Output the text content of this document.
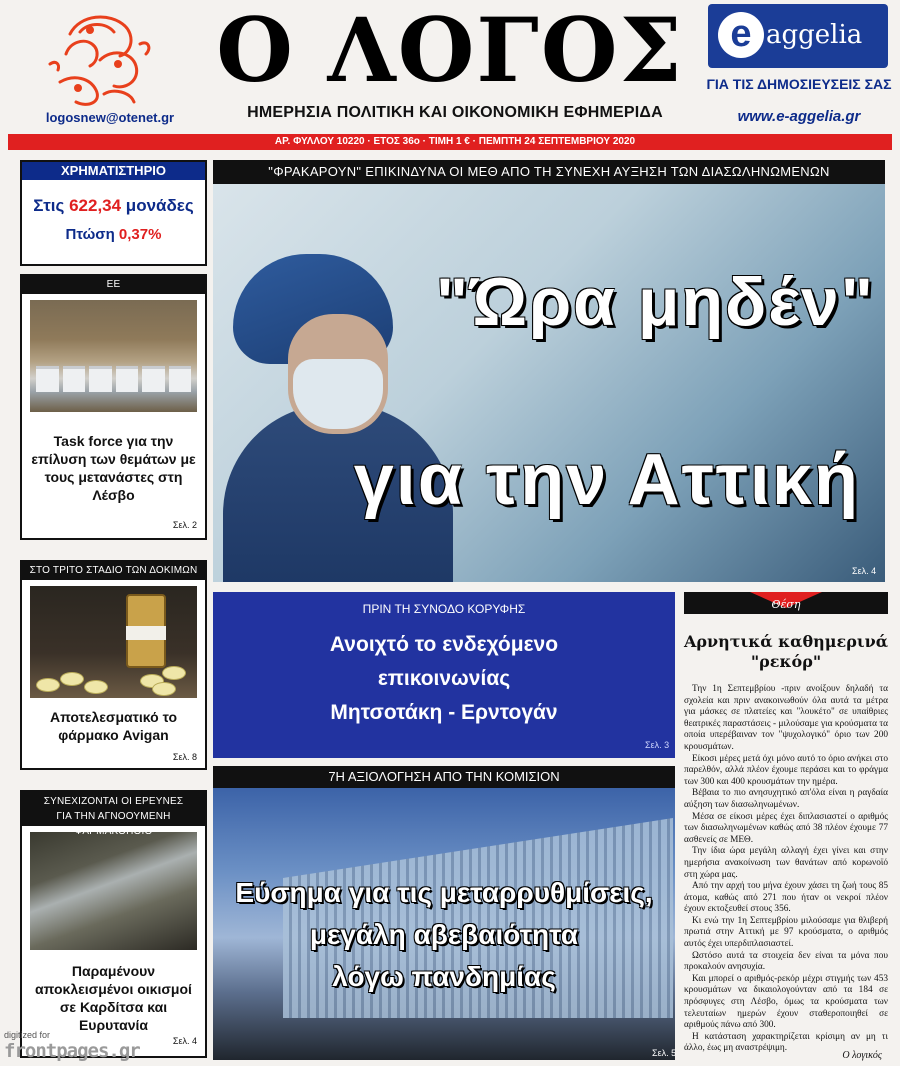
logosnew@otenet.gr
Ο ΛΟΓΟΣ
ΗΜΕΡΗΣΙΑ ΠΟΛΙΤΙΚΗ ΚΑΙ ΟΙΚΟΝΟΜΙΚΗ ΕΦΗΜΕΡΙΔΑ
e aggelia
ΓΙΑ ΤΙΣ ΔΗΜΟΣΙΕΥΣΕΙΣ ΣΑΣ
www.e-aggelia.gr
ΑΡ. ΦΥΛΛΟΥ 10220 · ΕΤΟΣ 36ο · ΤΙΜΗ 1 € · ΠΕΜΠΤΗ 24 ΣΕΠΤΕΜΒΡΙΟΥ 2020
ΧΡΗΜΑΤΙΣΤΗΡΙΟ
Στις 622,34 μονάδες
Πτώση 0,37%
ΕΕ
Task force για την επίλυση των θεμάτων με τους μετανάστες στη Λέσβο
Σελ. 2
ΣΤΟ ΤΡΙΤΟ ΣΤΑΔΙΟ ΤΩΝ ΔΟΚΙΜΩΝ
Αποτελεσματικό το φάρμακο Avigan
Σελ. 8
ΣΥΝΕΧΙΖΟΝΤΑΙ ΟΙ ΕΡΕΥΝΕΣ
ΓΙΑ ΤΗΝ ΑΓΝΟΟΥΜΕΝΗ ΦΑΡΜΑΚΟΠΟΙΟ
Παραμένουν αποκλεισμένοι οικισμοί σε Καρδίτσα και Ευρυτανία
Σελ. 4
"ΦΡΑΚΑΡΟΥΝ" ΕΠΙΚΙΝΔΥΝΑ ΟΙ ΜΕΘ ΑΠΟ ΤΗ ΣΥΝΕΧΗ ΑΥΞΗΣΗ ΤΩΝ ΔΙΑΣΩΛΗΝΩΜΕΝΩΝ
"Ώρα μηδέν"
για την Αττική
Σελ. 4
ΠΡΙΝ ΤΗ ΣΥΝΟΔΟ ΚΟΡΥΦΗΣ
Ανοιχτό το ενδεχόμενο
επικοινωνίας
Μητσοτάκη - Ερντογάν
Σελ. 3
7Η ΑΞΙΟΛΟΓΗΣΗ ΑΠΟ ΤΗΝ ΚΟΜΙΣΙΟΝ
Εύσημα για τις μεταρρυθμίσεις,
μεγάλη αβεβαιότητα
λόγω πανδημίας
Σελ. 5
Θέση
Αρνητικά καθημερινά
"ρεκόρ"

Την 1η Σεπτεμβρίου -πριν ανοίξουν δηλαδή τα σχολεία και πριν ανακοινωθούν όλα αυτά τα μέτρα για μάσκες σε πλατείες και "λουκέτο" σε υπαίθριες θεατρικές παραστάσεις - μιλούσαμε για κρούσματα τα οποία υπερέβαιναν τον "ψυχολογικό" όριο των 200 κρουσμάτων.

Είκοσι μέρες μετά όχι μόνο αυτό το όριο ανήκει στο παρελθόν, αλλά πλέον έχουμε περάσει και το φράγμα των 300 και 400 κρουσμάτων την ημέρα.

Βέβαια το πιο ανησυχητικό απ'όλα είναι η ραγδαία αύξηση των διασωληνωμένων.

Μέσα σε είκοσι μέρες έχει διπλασιαστεί ο αριθμός των διασωληνωμένων καθώς από 38 πλέον έχουμε 77 ασθενείς σε ΜΕΘ.

Την ίδια ώρα μεγάλη αλλαγή έχει γίνει και στην ημερήσια ανακοίνωση των θανάτων από κορωνοϊό στη χώρα μας.

Από την αρχή του μήνα έχουν χάσει τη ζωή τους 85 άτομα, καθώς από 271 που ήταν οι νεκροί πλέον έχουν εκτοξευθεί στους 356.

Κι ενώ την 1η Σεπτεμβρίου μιλούσαμε για θλιβερή πρωτιά στην Αττική με 97 κρούσματα, ο αριθμός αυτός έχει υπερδιπλασιαστεί.

Ωστόσο αυτά τα στοιχεία δεν είναι τα μόνα που προκαλούν ανησυχία.

Και μπορεί ο αριθμός-ρεκόρ μέχρι στιγμής των 453 κρουσμάτων να δικαιολογούνταν από τα 184 σε πρόσφυγες στη Λέσβο, όμως τα κρούσματα των τελευταίων ημερών έχουν σταθεροποιηθεί σε αριθμούς πάνω από 300.

Η κατάσταση χαρακτηρίζεται κρίσιμη αν μη τι άλλο, έως μη αναστρέψιμη.

Ο λογικός
digitized for
frontpages.gr
